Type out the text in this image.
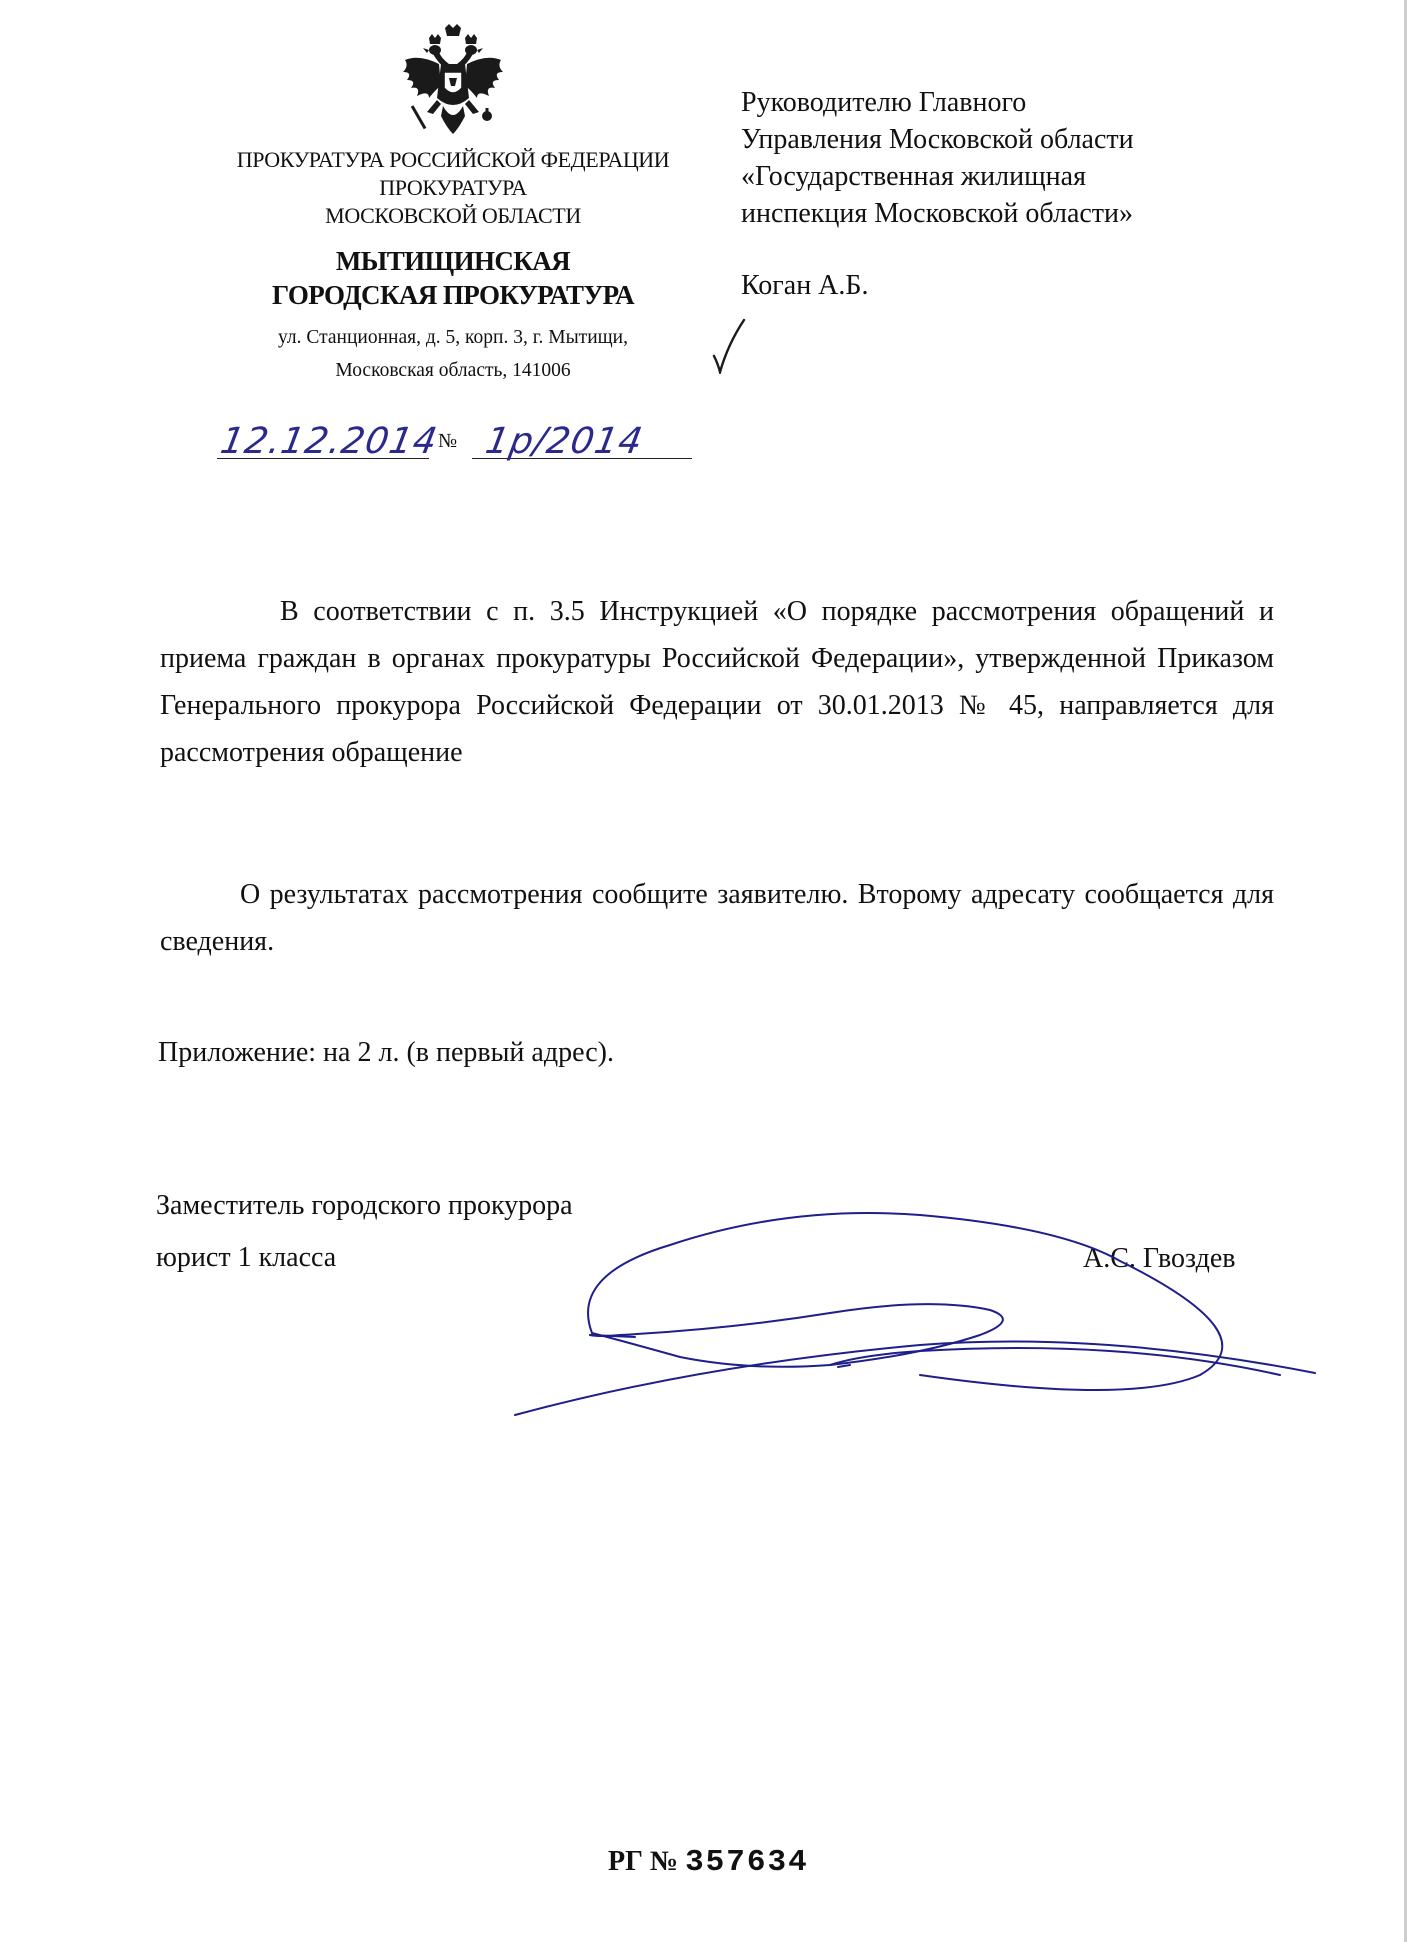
ПРОКУРАТУРА РОССИЙСКОЙ ФЕДЕРАЦИИ
ПРОКУРАТУРА
МОСКОВСКОЙ ОБЛАСТИ
МЫТИЩИНСКАЯ
ГОРОДСКАЯ ПРОКУРАТУРА
ул. Станционная, д. 5, корп. 3, г. Мытищи,
Московская область, 141006
12.12.2014
№ 1р/2014
Руководителю Главного
Управления Московской области
«Государственная жилищная
инспекция Московской области»
Коган А.Б.

В соответствии с п. 3.5 Инструкцией «О порядке рассмотрения обращений и приема граждан в органах прокуратуры Российской Федерации», утвержденной Приказом Генерального прокурора Российской Федерации от 30.01.2013 № 45, направляется для рассмотрения обращение

О результатах рассмотрения сообщите заявителю. Второму адресату сообщается для сведения.

Приложение: на 2 л. (в первый адрес).
Заместитель городского прокурора
юрист 1 класса	А.С. Гвоздев
РГ № 357634
